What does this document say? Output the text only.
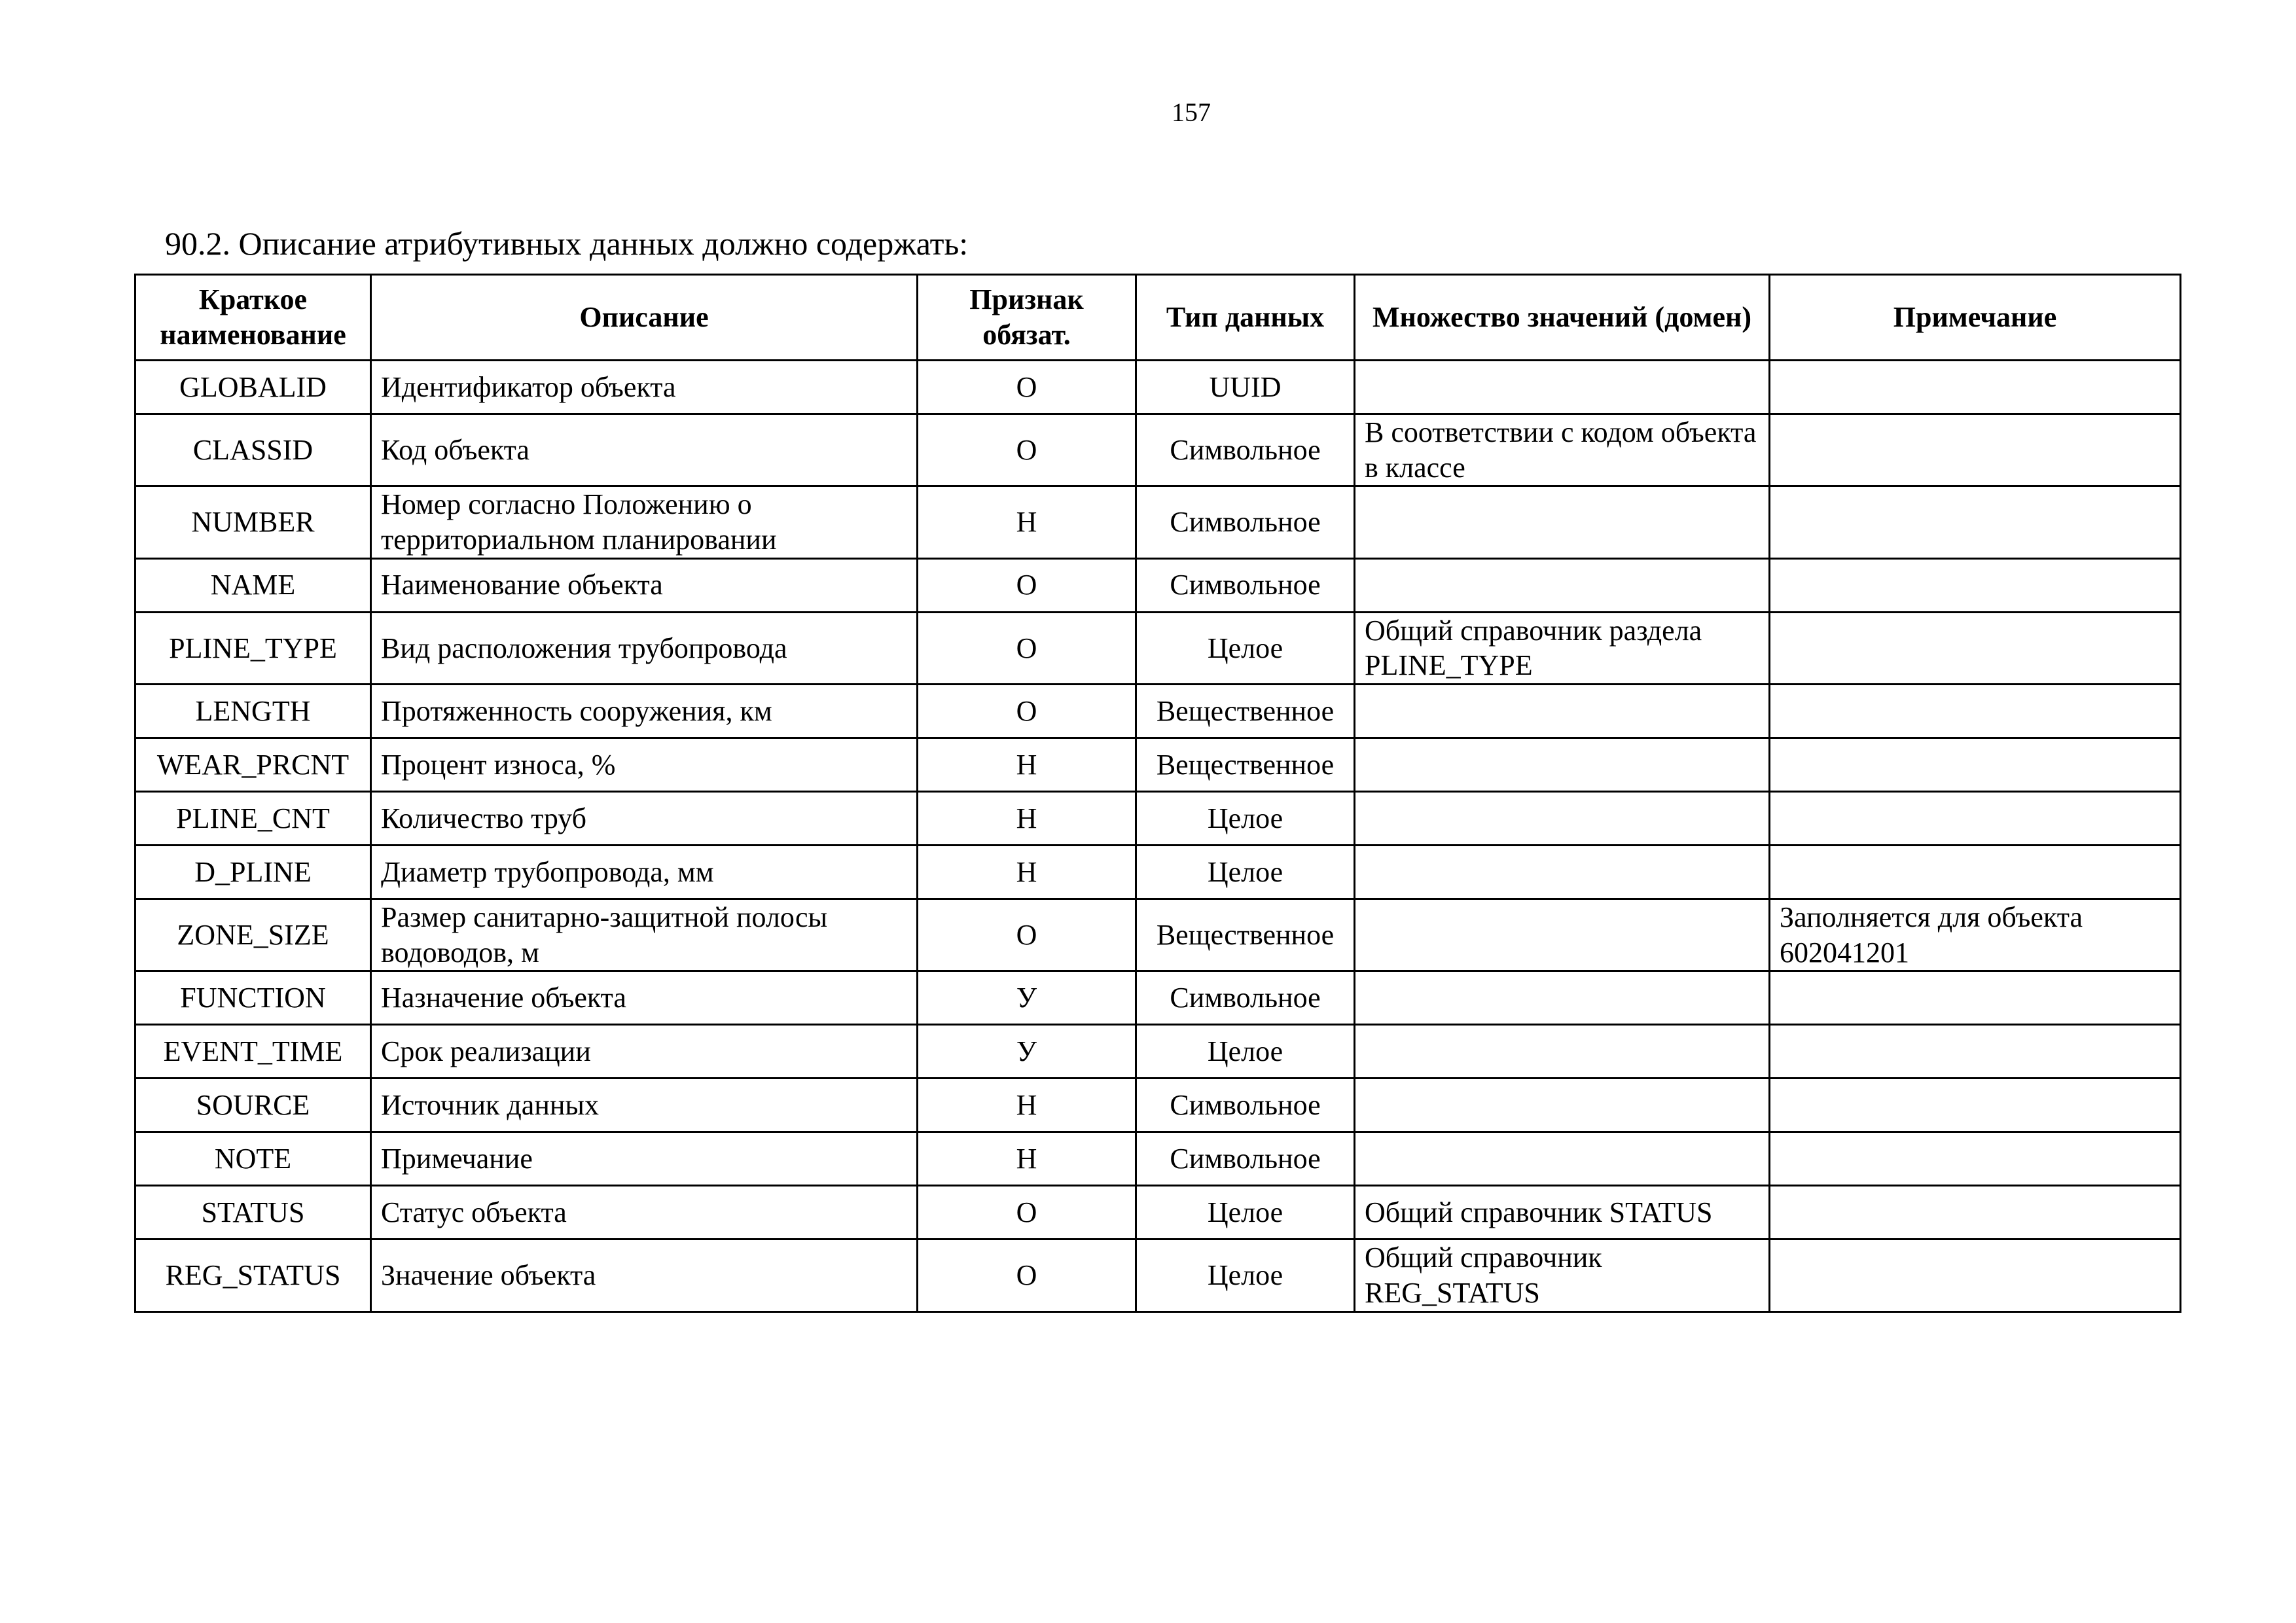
157
90.2. Описание атрибутивных данных должно содержать:
Краткое наименование	Описание	Признак обязат.	Тип данных	Множество значений (домен)	Примечание
GLOBALID	Идентификатор объекта	О	UUID		
CLASSID	Код объекта	О	Символьное	В соответствии с кодом объекта в классе	
NUMBER	Номер согласно Положению о территориальном планировании	Н	Символьное		
NAME	Наименование объекта	О	Символьное		
PLINE_TYPE	Вид расположения трубопровода	О	Целое	Общий справочник раздела PLINE_TYPE	
LENGTH	Протяженность сооружения, км	О	Вещественное		
WEAR_PRCNT	Процент износа, %	Н	Вещественное		
PLINE_CNT	Количество труб	Н	Целое		
D_PLINE	Диаметр трубопровода, мм	Н	Целое		
ZONE_SIZE	Размер санитарно-защитной полосы водоводов, м	О	Вещественное		Заполняется для объекта 602041201
FUNCTION	Назначение объекта	У	Символьное		
EVENT_TIME	Срок реализации	У	Целое		
SOURCE	Источник данных	Н	Символьное		
NOTE	Примечание	Н	Символьное		
STATUS	Статус объекта	О	Целое	Общий справочник STATUS	
REG_STATUS	Значение объекта	О	Целое	Общий справочник REG_STATUS	
